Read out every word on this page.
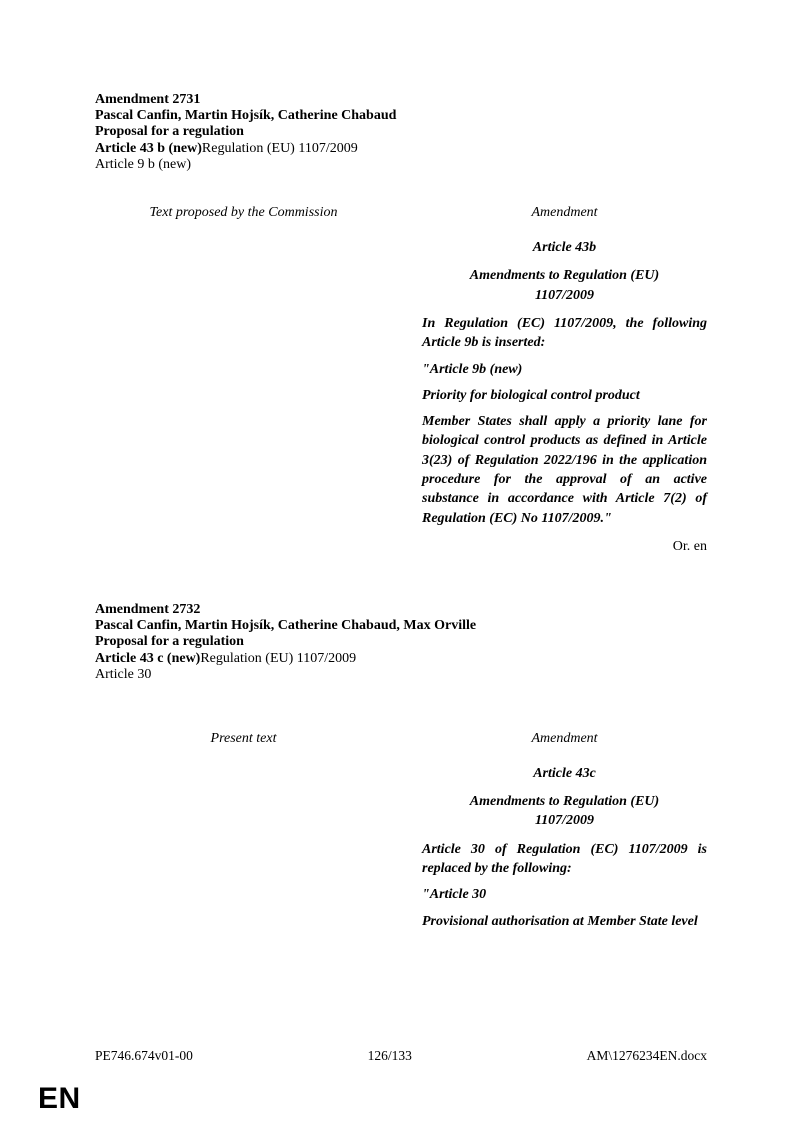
Amendment 2731

Pascal Canfin, Martin Hojsík, Catherine Chabaud

Proposal for a regulation

Article 43 b (new)Regulation (EU) 1107/2009

Article 9 b (new)

Text proposed by the Commission	Amendment

Article 43b

Amendments to Regulation (EU) 1107/2009

In Regulation (EC) 1107/2009, the following Article 9b is inserted:

"Article 9b (new)

Priority for biological control product

Member States shall apply a priority lane for biological control products as defined in Article 3(23) of Regulation 2022/196 in the application procedure for the approval of an active substance in accordance with Article 7(2) of Regulation (EC) No 1107/2009."

Or. en

Amendment 2732

Pascal Canfin, Martin Hojsík, Catherine Chabaud, Max Orville

Proposal for a regulation

Article 43 c (new)Regulation (EU) 1107/2009

Article 30

Present text	Amendment

Article 43c

Amendments to Regulation (EU) 1107/2009

Article 30 of Regulation (EC) 1107/2009 is replaced by the following:

"Article 30

Provisional authorisation at Member State level

PE746.674v01-00	126/133	AM\1276234EN.docx
EN
